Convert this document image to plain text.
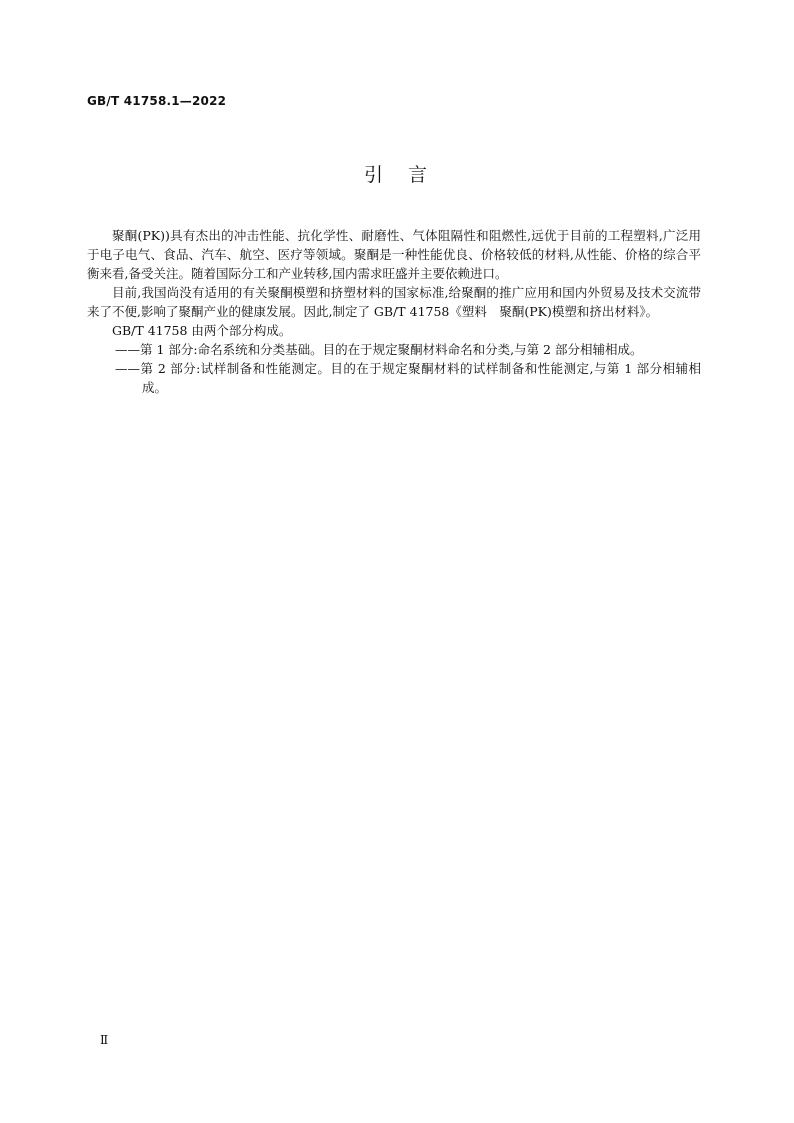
GB/T 41758.1—2022
引　言

聚酮(PK))具有杰出的冲击性能、抗化学性、耐磨性、气体阻隔性和阻燃性,远优于目前的工程塑料,广泛用于电子电气、食品、汽车、航空、医疗等领域。聚酮是一种性能优良、价格较低的材料,从性能、价格的综合平衡来看,备受关注。随着国际分工和产业转移,国内需求旺盛并主要依赖进口。

目前,我国尚没有适用的有关聚酮模塑和挤塑材料的国家标准,给聚酮的推广应用和国内外贸易及技术交流带来了不便,影响了聚酮产业的健康发展。因此,制定了 GB/T 41758《塑料　聚酮(PK)模塑和挤出材料》。

GB/T 41758 由两个部分构成。

——第 1 部分:命名系统和分类基础。目的在于规定聚酮材料命名和分类,与第 2 部分相辅相成。

——第 2 部分:试样制备和性能测定。目的在于规定聚酮材料的试样制备和性能测定,与第 1 部分相辅相成。

Ⅱ
